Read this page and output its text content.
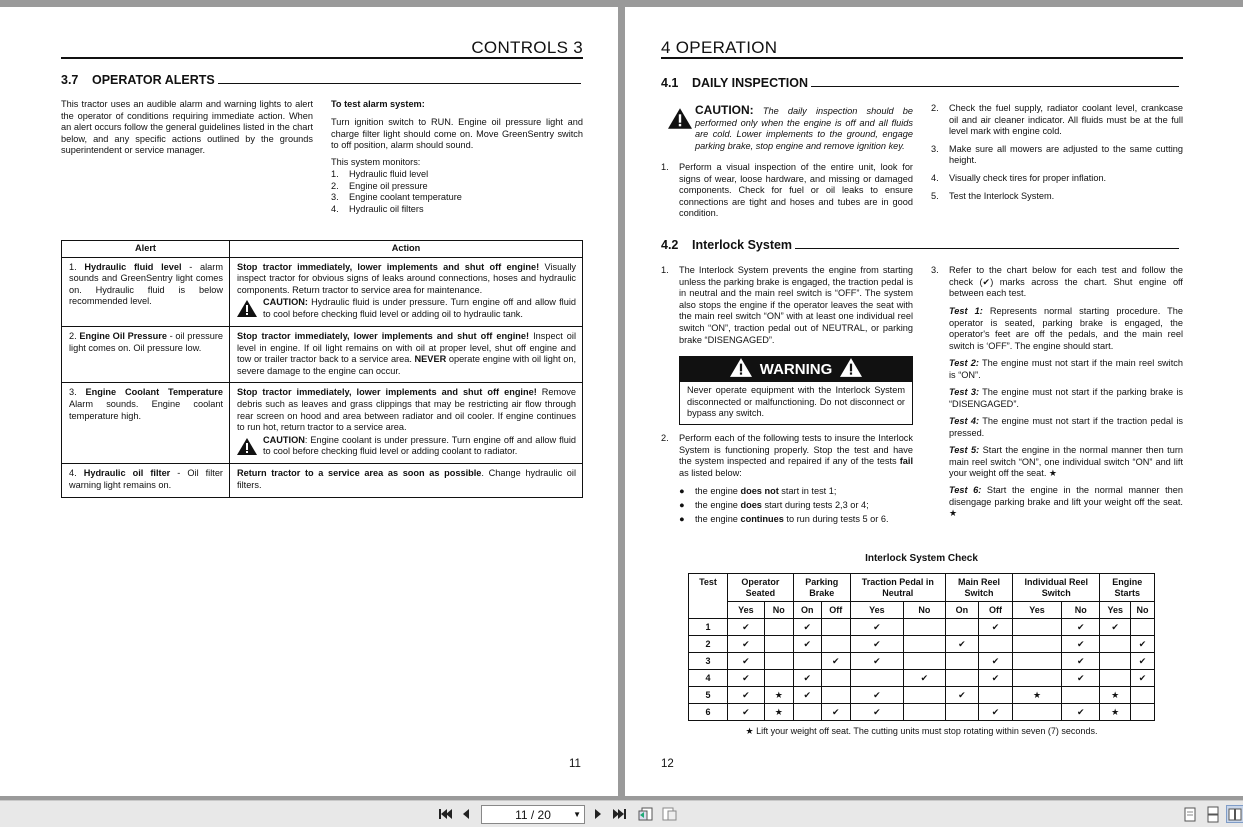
CONTROLS 3
3.7	OPERATOR ALERTS
This tractor uses an audible alarm and warning lights to alert the operator of conditions requiring immediate action. When an alert occurs follow the general guidelines listed in the chart below, and any specific actions outlined by the grounds superintendent or service manager.
To test alarm system:
Turn ignition switch to RUN. Engine oil pressure light and charge filter light should come on. Move GreenSentry switch to off position, alarm should sound.
This system monitors:
1.	Hydraulic fluid level
2.	Engine oil pressure
3.	Engine coolant temperature
4.	Hydraulic oil filters
Alert	Action
1. Hydraulic fluid level - alarm sounds and GreenSentry light comes on. Hydraulic fluid is below recommended level.	Stop tractor immediately, lower implements and shut off engine! Visually inspect tractor for obvious signs of leaks around connections, hoses and hydraulic components. Return tractor to service area for maintenance.
CAUTION: Hydraulic fluid is under pressure. Turn engine off and allow fluid to cool before checking fluid level or adding oil to hydraulic tank.

2. Engine Oil Pressure - oil pressure light comes on. Oil pressure low.	Stop tractor immediately, lower implements and shut off engine! Inspect oil level in engine. If oil light remains on with oil at proper level, shut off engine and tow or trailer tractor back to a service area. NEVER operate engine with oil light on, severe damage to the engine can occur.
3. Engine Coolant Temperature Alarm sounds. Engine coolant temperature high.	Stop tractor immediately, lower implements and shut off engine! Remove debris such as leaves and grass clippings that may be restricting air flow through rear screen on hood and area between radiator and oil cooler. If engine continues to run hot, return tractor to a service area.
CAUTION: Engine coolant is under pressure. Turn engine off and allow fluid to cool before checking fluid level or adding coolant to radiator.

4. Hydraulic oil filter - Oil filter warning light remains on.	Return tractor to a service area as soon as possible. Change hydraulic oil filters.
11
4 OPERATION
4.1	DAILY INSPECTION
CAUTION: The daily inspection should be performed only when the engine is off and all fluids are cold. Lower implements to the ground, engage parking brake, stop engine and remove ignition key.
1.	Perform a visual inspection of the entire unit, look for signs of wear, loose hardware, and missing or damaged components. Check for fuel or oil leaks to ensure connections are tight and hoses and tubes are in good condition.
2.	Check the fuel supply, radiator coolant level, crankcase oil and air cleaner indicator. All fluids must be at the full level mark with engine cold.
3.	Make sure all mowers are adjusted to the same cutting height.
4.	Visually check tires for proper inflation.
5.	Test the Interlock System.
4.2	Interlock System
1.	The Interlock System prevents the engine from starting unless the parking brake is engaged, the traction pedal is in neutral and the main reel switch is “OFF”. The system also stops the engine if the operator leaves the seat with the main reel switch “ON” with at least one individual reel switch “ON”, traction pedal out of NEUTRAL, or parking brake “DISENGAGED”.
WARNING
Never operate equipment with the Interlock System disconnected or malfunctioning. Do not disconnect or bypass any switch.
2.	Perform each of the following tests to insure the Interlock System is functioning properly. Stop the test and have the system inspected and repaired if any of the tests fail as listed below:
●	the engine does not start in test 1;
●	the engine does start during tests 2,3 or 4;
●	the engine continues to run during tests 5 or 6.
3.	Refer to the chart below for each test and follow the check (✔) marks across the chart. Shut engine off between each test.
Test 1: Represents normal starting procedure. The operator is seated, parking brake is engaged, the operator's feet are off the pedals, and the main reel switch is ‘OFF”. The engine should start.
Test 2: The engine must not start if the main reel switch is “ON”.
Test 3: The engine must not start if the parking brake is “DISENGAGED”.
Test 4: The engine must not start if the traction pedal is pressed.
Test 5: Start the engine in the normal manner then turn main reel switch “ON”, one individual switch “ON” and lift your weight off the seat. ★
Test 6: Start the engine in the normal manner then disengage parking brake and lift your weight off the seat. ★
Interlock System Check
Test	Operator Seated		Parking Brake		Traction Pedal in Neutral		Main Reel Switch		Individual Reel Switch		Engine Starts	
	Yes	No	On	Off	Yes	No	On	Off	Yes	No	Yes	No
1	✔		✔		✔			✔		✔	✔	
2	✔		✔		✔		✔			✔		✔
3	✔			✔	✔			✔		✔		✔
4	✔		✔			✔		✔		✔		✔
5	✔	★	✔		✔		✔		★		★	
6	✔	★		✔	✔			✔		✔	★	
★ Lift your weight off seat. The cutting units must stop rotating within seven (7) seconds.
12
11 / 20	▼
